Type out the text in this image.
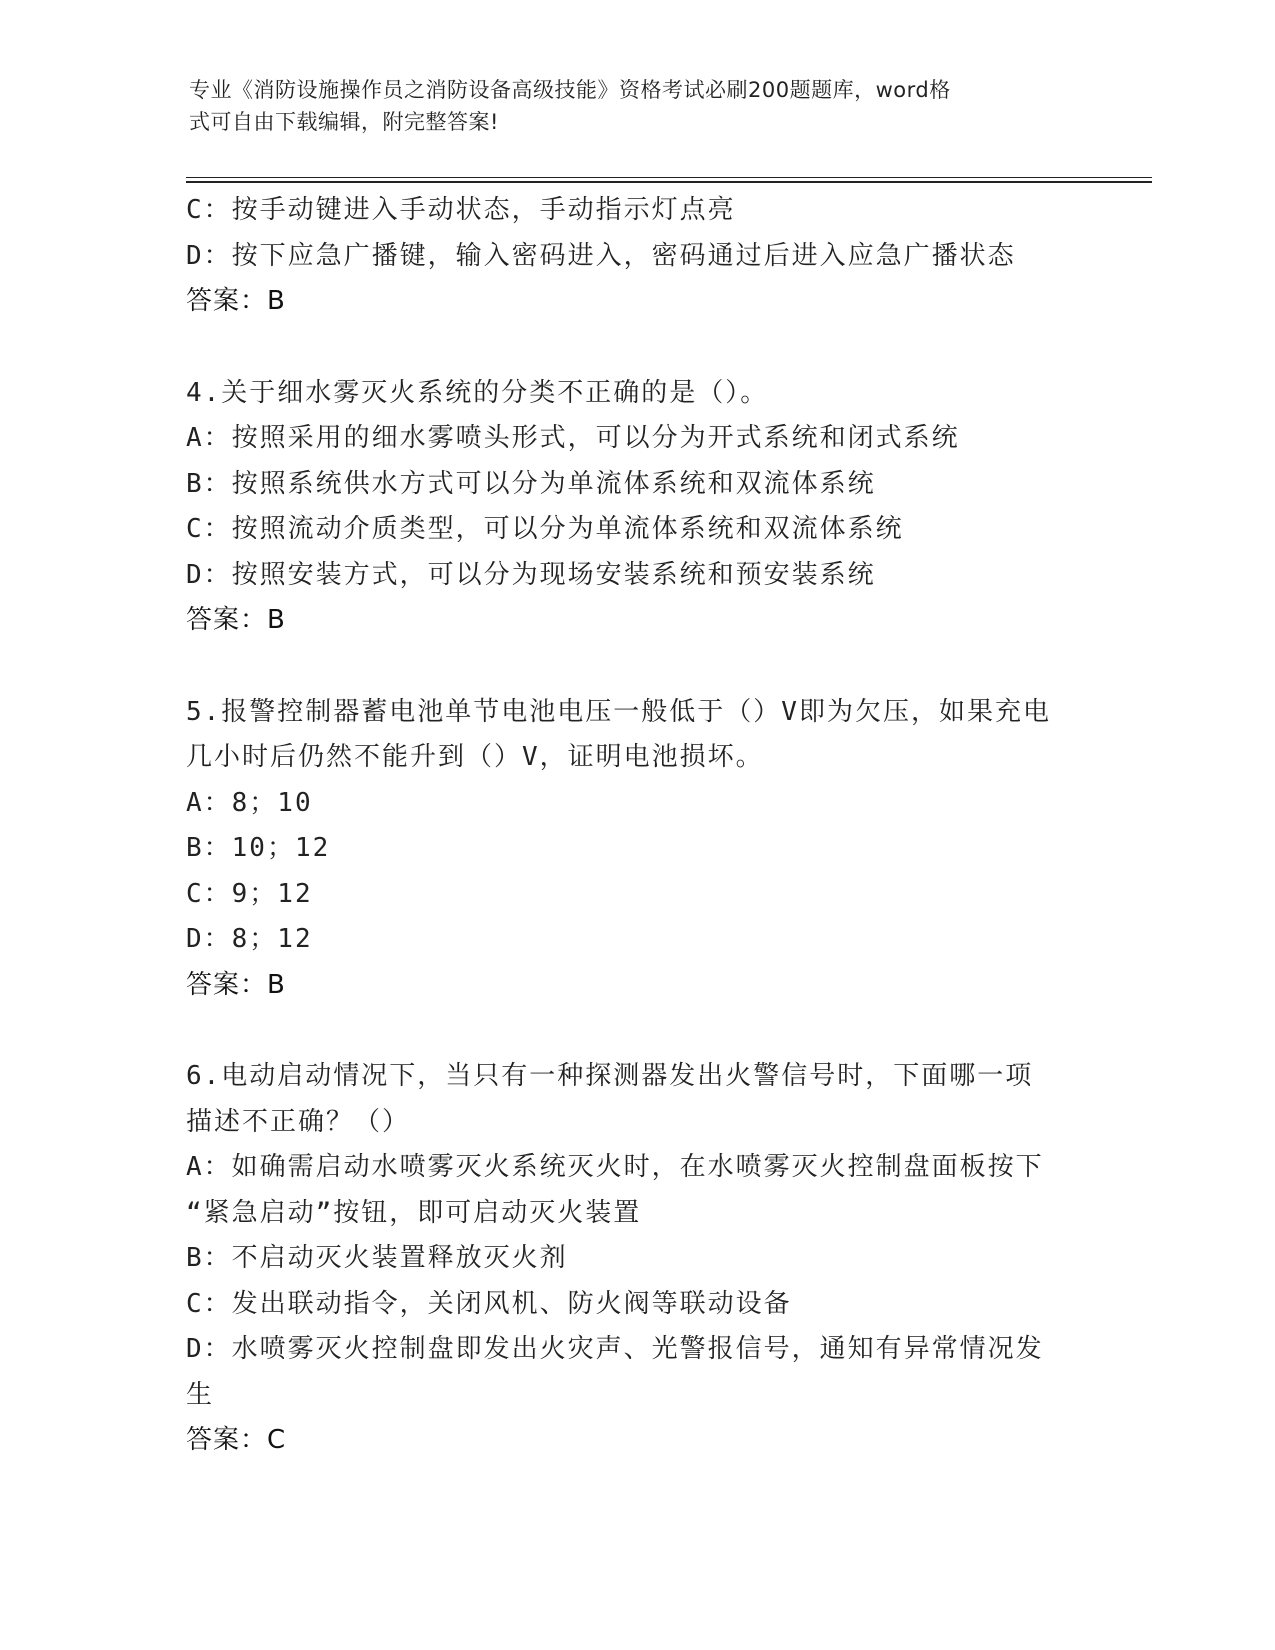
专业《消防设施操作员之消防设备高级技能》资格考试必刷200题题库，word格
式可自由下载编辑，附完整答案!
C：按手动键进入手动状态，手动指示灯点亮
D：按下应急广播键，输入密码进入，密码通过后进入应急广播状态
答案：B
4.关于细水雾灭火系统的分类不正确的是（）。
A：按照采用的细水雾喷头形式，可以分为开式系统和闭式系统
B：按照系统供水方式可以分为单流体系统和双流体系统
C：按照流动介质类型，可以分为单流体系统和双流体系统
D：按照安装方式，可以分为现场安装系统和预安装系统
答案：B
5.报警控制器蓄电池单节电池电压一般低于（）V即为欠压，如果充电
几小时后仍然不能升到（）V，证明电池损坏。
A：8；10
B：10；12
C：9；12
D：8；12
答案：B
6.电动启动情况下，当只有一种探测器发出火警信号时，下面哪一项
描述不正确？（）
A：如确需启动水喷雾灭火系统灭火时，在水喷雾灭火控制盘面板按下
“紧急启动”按钮，即可启动灭火装置
B：不启动灭火装置释放灭火剂
C：发出联动指令，关闭风机、防火阀等联动设备
D：水喷雾灭火控制盘即发出火灾声、光警报信号，通知有异常情况发
生
答案：C
